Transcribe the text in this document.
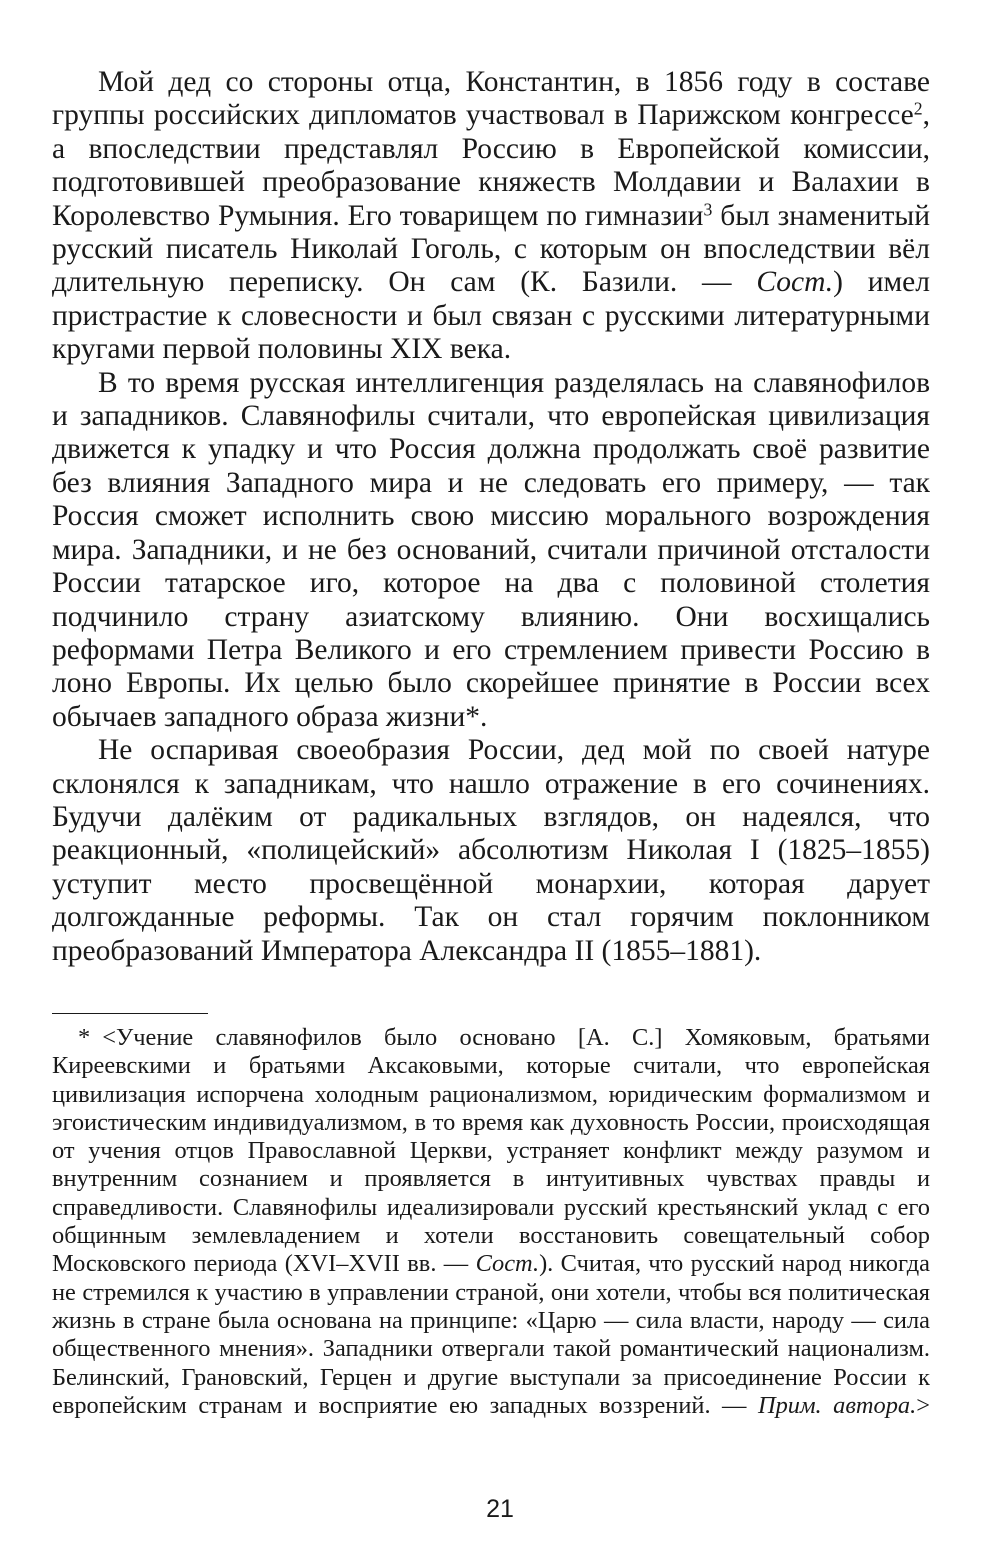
Мой дед со стороны отца, Константин, в 1856 году в составе группы российских дипломатов участвовал в Парижском конгрессе$^2$, а впоследствии представлял Россию в Европейской комиссии, подготовившей преобразование княжеств Молдавии и Валахии в Королевство Румыния. Его товарищем по гимназии$^3$ был знаменитый русский писатель Николай Гоголь, с которым он впоследствии вёл длительную переписку. Он сам (К. Базили. — Сост.) имел пристрастие к словесности и был связан с русскими литературными кругами первой половины XIX века.

В то время русская интеллигенция разделялась на славянофилов и западников. Славянофилы считали, что европейская цивилизация движется к упадку и что Россия должна продолжать своё развитие без влияния Западного мира и не следовать его примеру, — так Россия сможет исполнить свою миссию морального возрождения мира. Западники, и не без оснований, считали причиной отсталости России татарское иго, которое на два с половиной столетия подчинило страну азиатскому влиянию. Они восхищались реформами Петра Великого и его стремлением привести Россию в лоно Европы. Их целью было скорейшее принятие в России всех обычаев западного образа жизни*.

Не оспаривая своеобразия России, дед мой по своей натуре склонялся к западникам, что нашло отражение в его сочинениях. Будучи далёким от радикальных взглядов, он надеялся, что реакционный, «полицейский» абсолютизм Николая I (1825–1855) уступит место просвещённой монархии, которая дарует долгожданные реформы. Так он стал горячим поклонником преобразований Императора Александра II (1855–1881).

* <Учение славянофилов было основано [А. С.] Хомяковым, братьями Киреевскими и братьями Аксаковыми, которые считали, что европейская цивилизация испорчена холодным рационализмом, юридическим формализмом и эгоистическим индивидуализмом, в то время как духовность России, происходящая от учения отцов Православной Церкви, устраняет конфликт между разумом и внутренним сознанием и проявляется в интуитивных чувствах правды и справедливости. Славянофилы идеализировали русский крестьянский уклад с его общинным землевладением и хотели восстановить совещательный собор Московского периода (XVI–XVII вв. — Сост.). Считая, что русский народ никогда не стремился к участию в управлении страной, они хотели, чтобы вся политическая жизнь в стране была основана на принципе: «Царю — сила власти, народу — сила общественного мнения». Западники отвергали такой романтический национализм. Белинский, Грановский, Герцен и другие выступали за присоединение России к европейским странам и восприятие ею западных воззрений. — Прим. автора.>

21
